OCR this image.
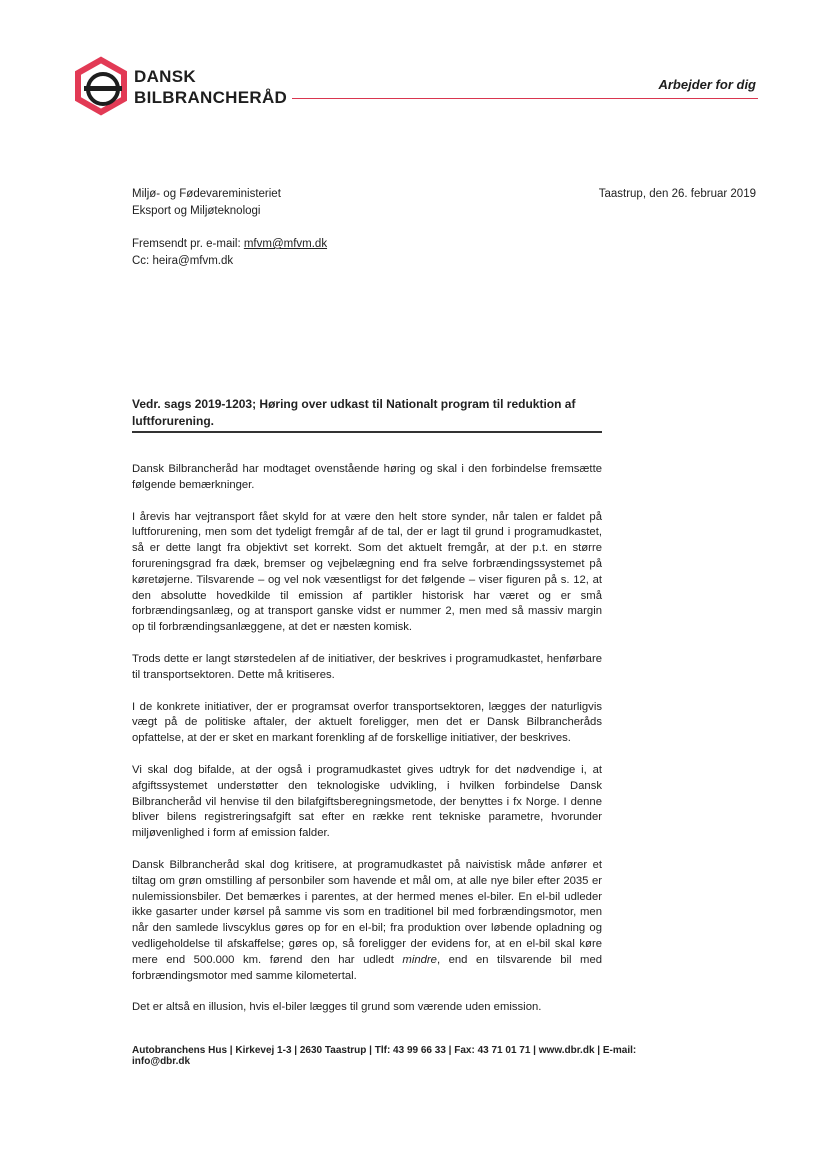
DANSK
BILBRANCHERÅD
Arbejder for dig
Miljø- og Fødevareministeriet
Eksport og Miljøteknologi
Taastrup, den 26. februar 2019
Fremsendt pr. e-mail: mfvm@mfvm.dk
Cc: heira@mfvm.dk
Vedr. sags 2019-1203; Høring over udkast til Nationalt program til reduktion af luftforurening.

Dansk Bilbrancheråd har modtaget ovenstående høring og skal i den forbindelse fremsætte følgende bemærkninger.

I årevis har vejtransport fået skyld for at være den helt store synder, når talen er faldet på luftforurening, men som det tydeligt fremgår af de tal, der er lagt til grund i programudkastet, så er dette langt fra objektivt set korrekt. Som det aktuelt fremgår, at der p.t. en større forureningsgrad fra dæk, bremser og vejbelægning end fra selve forbrændingssystemet på køretøjerne. Tilsvarende – og vel nok væsentligst for det følgende – viser figuren på s. 12, at den absolutte hovedkilde til emission af partikler historisk har været og er små forbrændingsanlæg, og at transport ganske vidst er nummer 2, men med så massiv margin op til forbrændingsanlæggene, at det er næsten komisk.

Trods dette er langt størstedelen af de initiativer, der beskrives i programudkastet, henførbare til transportsektoren. Dette må kritiseres.

I de konkrete initiativer, der er programsat overfor transportsektoren, lægges der naturligvis vægt på de politiske aftaler, der aktuelt foreligger, men det er Dansk Bilbrancheråds opfattelse, at der er sket en markant forenkling af de forskellige initiativer, der beskrives.

Vi skal dog bifalde, at der også i programudkastet gives udtryk for det nødvendige i, at afgiftssystemet understøtter den teknologiske udvikling, i hvilken forbindelse Dansk Bilbrancheråd vil henvise til den bilafgiftsberegningsmetode, der benyttes i fx Norge. I denne bliver bilens registreringsafgift sat efter en række rent tekniske parametre, hvorunder miljøvenlighed i form af emission falder.

Dansk Bilbrancheråd skal dog kritisere, at programudkastet på naivistisk måde anfører et tiltag om grøn omstilling af personbiler som havende et mål om, at alle nye biler efter 2035 er nulemissionsbiler. Det bemærkes i parentes, at der hermed menes el-biler. En el-bil udleder ikke gasarter under kørsel på samme vis som en traditionel bil med forbrændingsmotor, men når den samlede livscyklus gøres op for en el-bil; fra produktion over løbende opladning og vedligeholdelse til afskaffelse; gøres op, så foreligger der evidens for, at en el-bil skal køre mere end 500.000 km. førend den har udledt mindre, end en tilsvarende bil med forbrændingsmotor med samme kilometertal.

Det er altså en illusion, hvis el-biler lægges til grund som værende uden emission.

Autobranchens Hus | Kirkevej 1-3 | 2630 Taastrup | Tlf: 43 99 66 33 | Fax: 43 71 01 71 | www.dbr.dk | E-mail: info@dbr.dk
